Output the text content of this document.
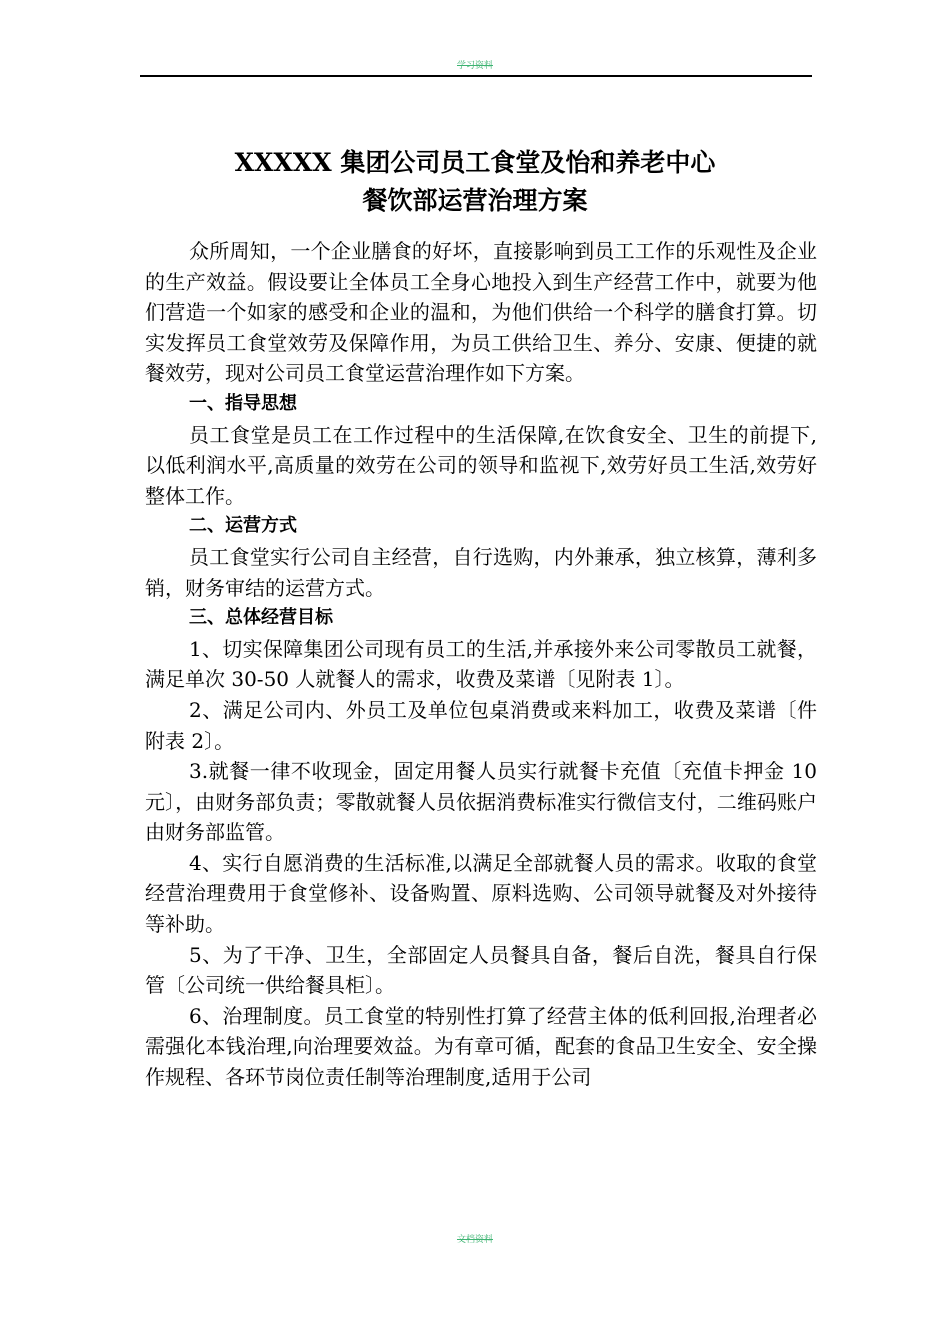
学习资料
XXXXX 集团公司员工食堂及怡和养老中心
餐饮部运营治理方案

众所周知，一个企业膳食的好坏，直接影响到员工工作的乐观性及企业的生产效益。假设要让全体员工全身心地投入到生产经营工作中，就要为他们营造一个如家的感受和企业的温和，为他们供给一个科学的膳食打算。切实发挥员工食堂效劳及保障作用，为员工供给卫生、养分、安康、便捷的就餐效劳，现对公司员工食堂运营治理作如下方案。

一、指导思想

员工食堂是员工在工作过程中的生活保障,在饮食安全、卫生的前提下,以低利润水平,高质量的效劳在公司的领导和监视下,效劳好员工生活,效劳好整体工作。

二、运营方式

员工食堂实行公司自主经营，自行选购，内外兼承，独立核算，薄利多销，财务审结的运营方式。

三、总体经营目标

1、切实保障集团公司现有员工的生活,并承接外来公司零散员工就餐，满足单次 30-50 人就餐人的需求，收费及菜谱〔见附表 1〕。

2、满足公司内、外员工及单位包桌消费或来料加工，收费及菜谱〔件附表 2〕。

3.就餐一律不收现金，固定用餐人员实行就餐卡充值〔充值卡押金 10 元〕，由财务部负责；零散就餐人员依据消费标准实行微信支付，二维码账户由财务部监管。

4、实行自愿消费的生活标准,以满足全部就餐人员的需求。收取的食堂经营治理费用于食堂修补、设备购置、原料选购、公司领导就餐及对外接待等补助。

5、为了干净、卫生，全部固定人员餐具自备，餐后自洗，餐具自行保管〔公司统一供给餐具柜〕。

6、治理制度。员工食堂的特别性打算了经营主体的低利回报,治理者必需强化本钱治理,向治理要效益。为有章可循，配套的食品卫生安全、安全操作规程、各环节岗位责任制等治理制度,适用于公司

文档资料
